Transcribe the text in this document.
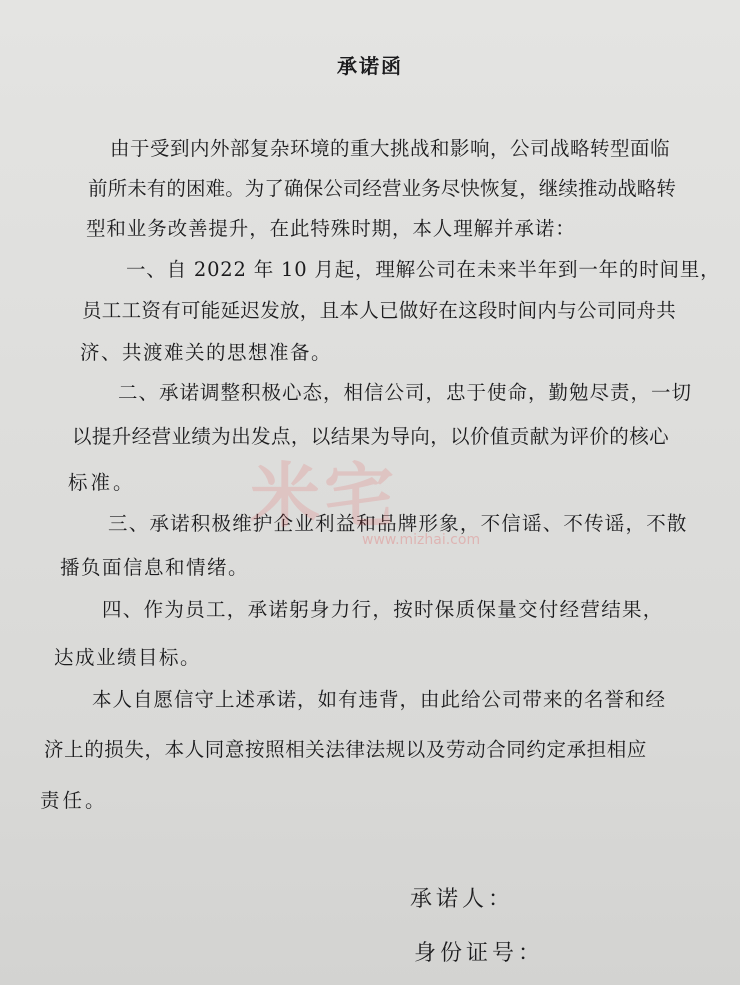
承诺函
由于受到内外部复杂环境的重大挑战和影响，公司战略转型面临
前所未有的困难。为了确保公司经营业务尽快恢复，继续推动战略转
型和业务改善提升，在此特殊时期，本人理解并承诺：
一、自 2022 年 10 月起，理解公司在未来半年到一年的时间里，
员工工资有可能延迟发放，且本人已做好在这段时间内与公司同舟共
济、共渡难关的思想准备。
二、承诺调整积极心态，相信公司，忠于使命，勤勉尽责，一切
以提升经营业绩为出发点，以结果为导向，以价值贡献为评价的核心
标准。
三、承诺积极维护企业利益和品牌形象，不信谣、不传谣，不散
播负面信息和情绪。
四、作为员工，承诺躬身力行，按时保质保量交付经营结果，
达成业绩目标。
本人自愿信守上述承诺，如有违背，由此给公司带来的名誉和经
济上的损失，本人同意按照相关法律法规以及劳动合同约定承担相应
责任。
承诺人：
身份证号：
米宅
www.mizhai.com
